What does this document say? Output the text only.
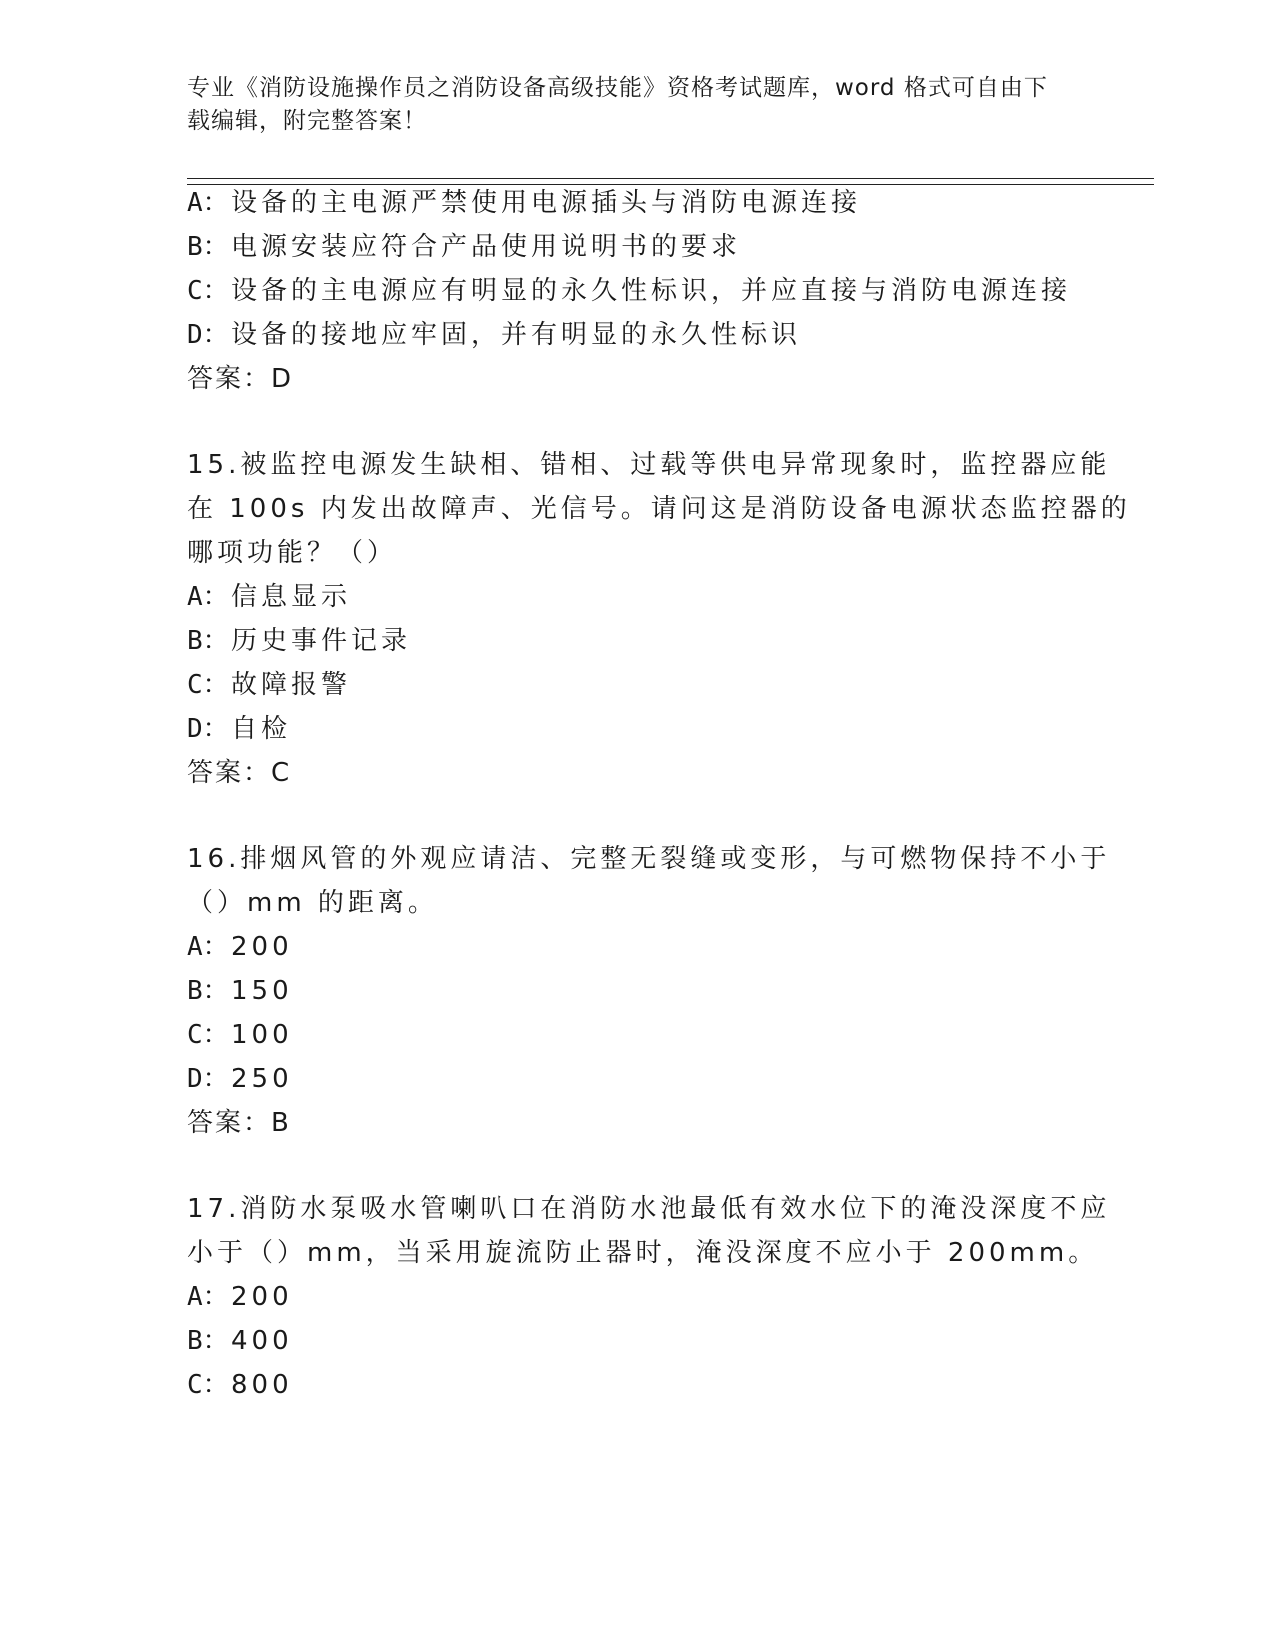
专业《消防设施操作员之消防设备高级技能》资格考试题库，word 格式可自由下
载编辑，附完整答案！
A：设备的主电源严禁使用电源插头与消防电源连接
B：电源安装应符合产品使用说明书的要求
C：设备的主电源应有明显的永久性标识，并应直接与消防电源连接
D：设备的接地应牢固，并有明显的永久性标识
答案：D
15.被监控电源发生缺相、错相、过载等供电异常现象时，监控器应能
在 100s 内发出故障声、光信号。请问这是消防设备电源状态监控器的
哪项功能？（）
A：信息显示
B：历史事件记录
C：故障报警
D：自检
答案：C
16.排烟风管的外观应请洁、完整无裂缝或变形，与可燃物保持不小于
（）mm 的距离。
A：200
B：150
C：100
D：250
答案：B
17.消防水泵吸水管喇叭口在消防水池最低有效水位下的淹没深度不应
小于（）mm，当采用旋流防止器时，淹没深度不应小于 200mm。
A：200
B：400
C：800
